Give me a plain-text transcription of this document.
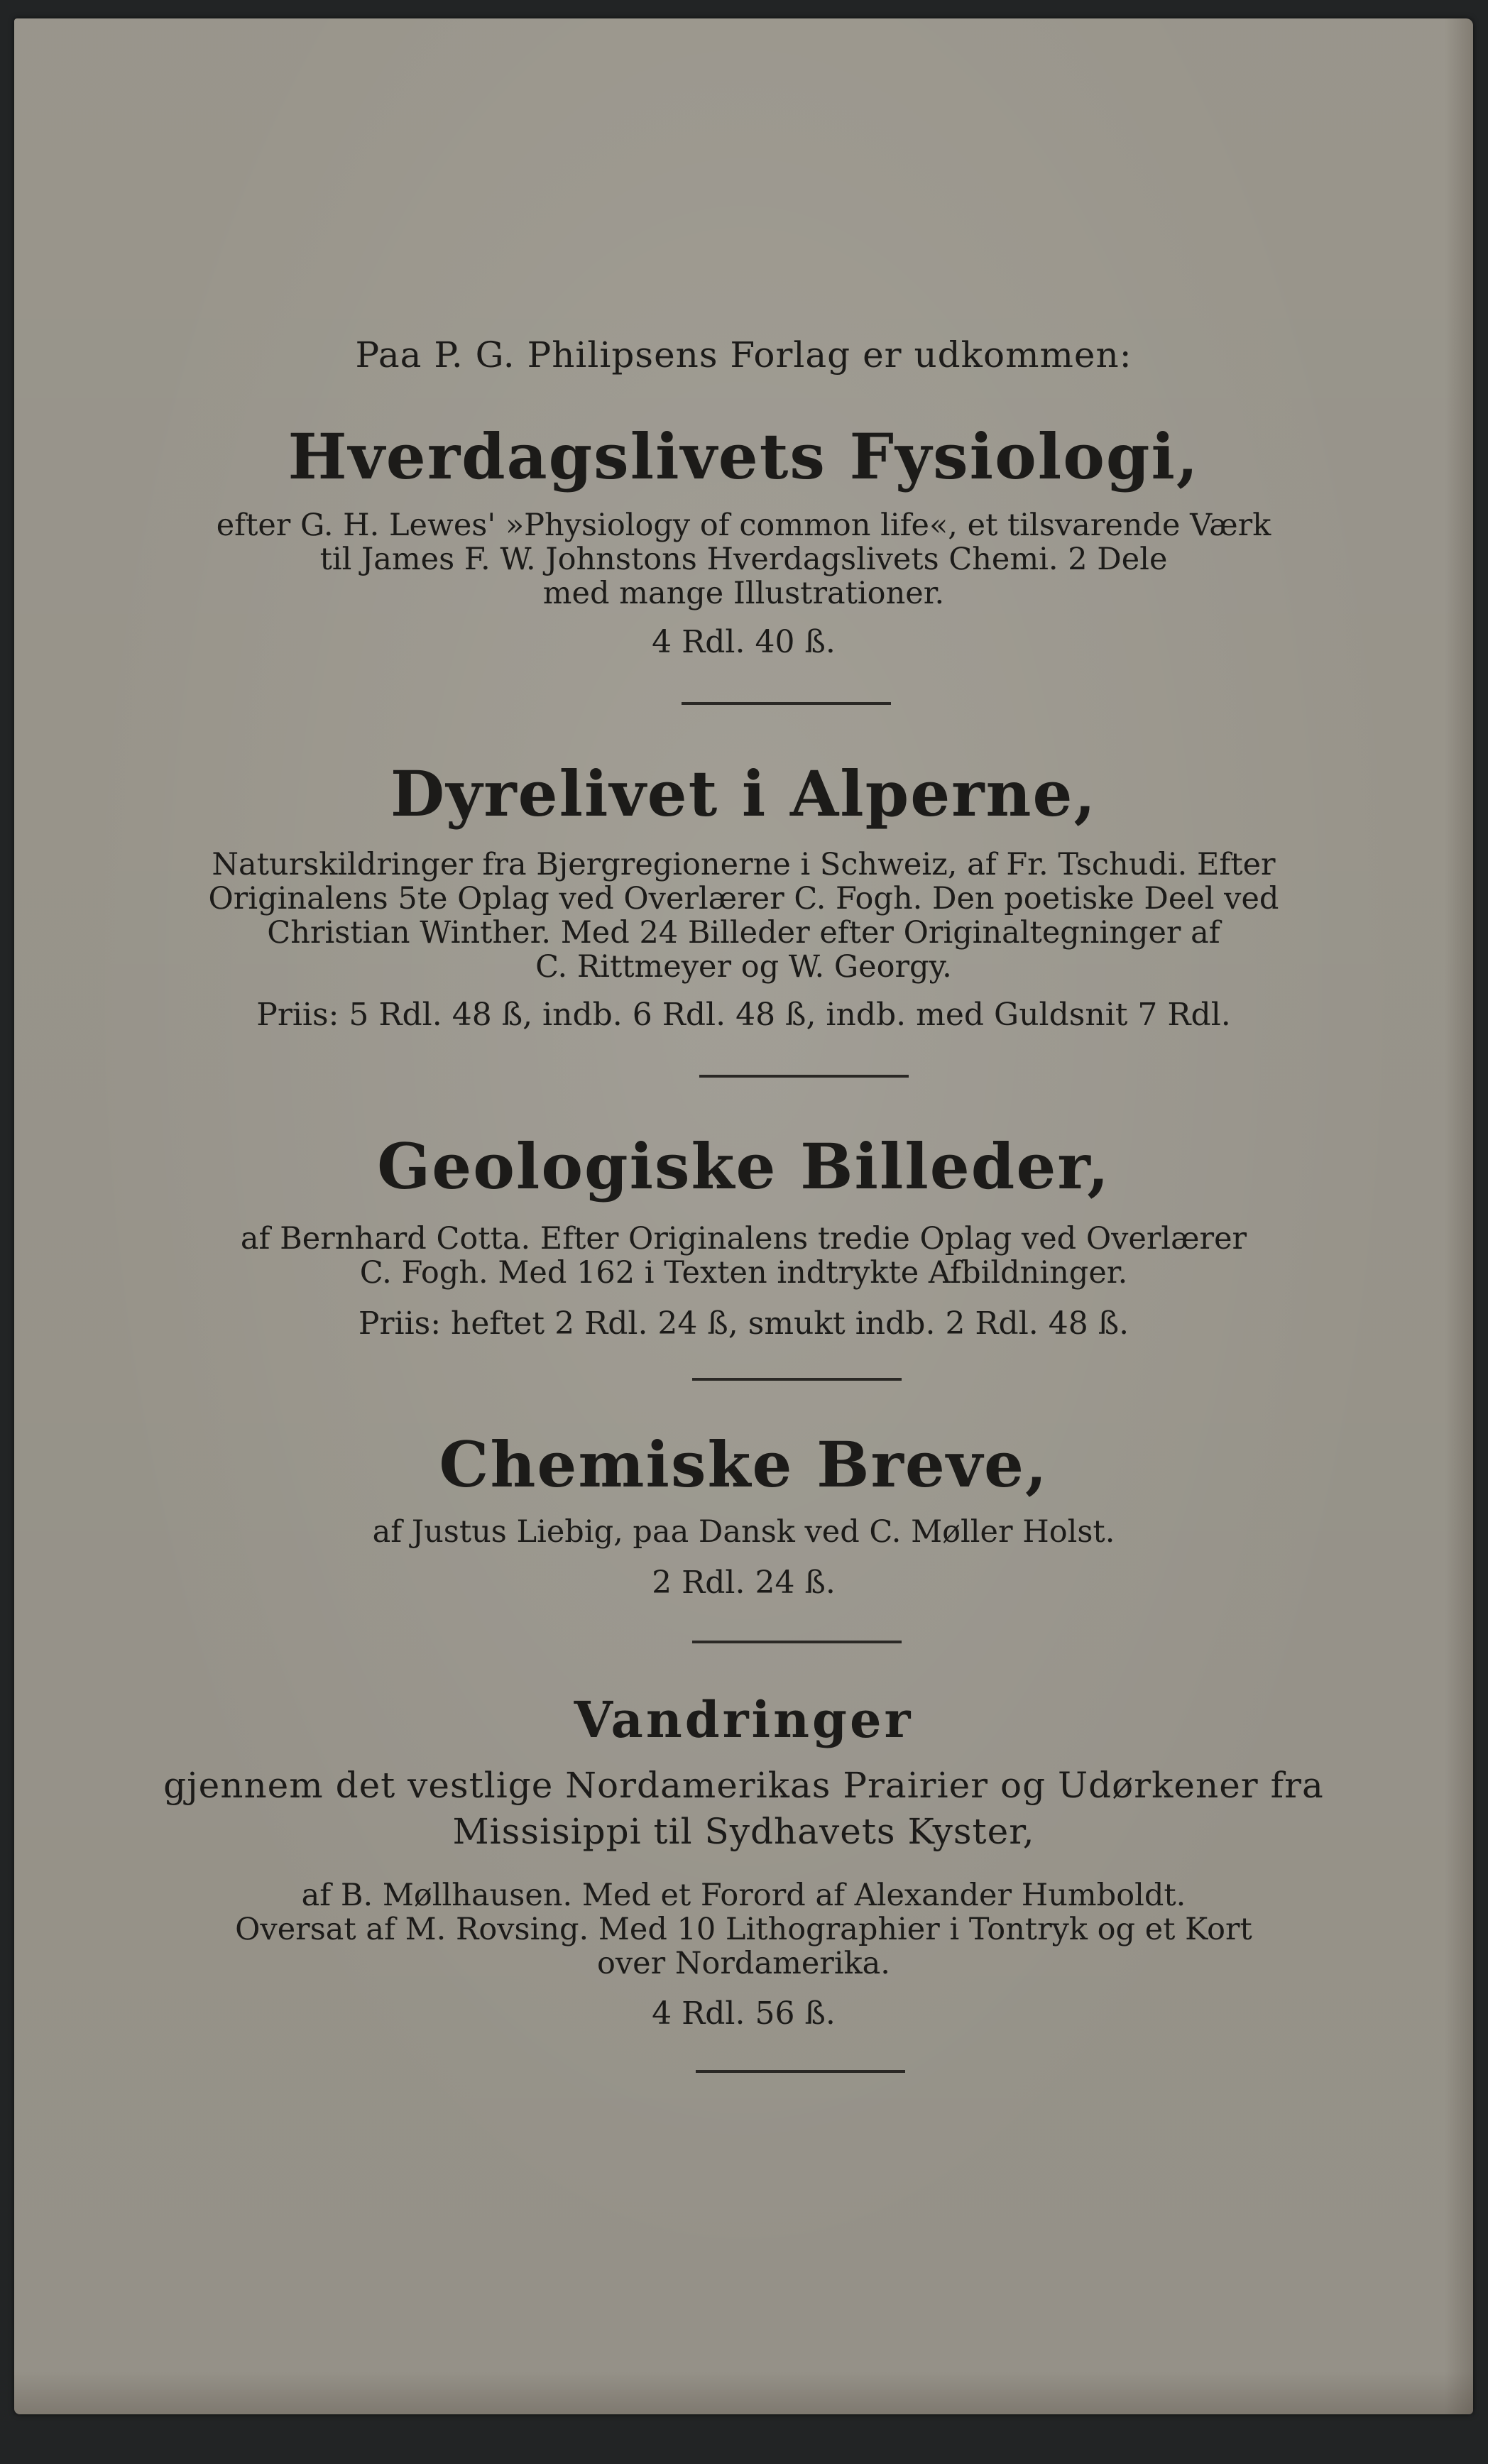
Paa P. G. Philipsens Forlag er udkommen:

Hverdagslivets Fysiologi,

efter G. H. Lewes' »Physiology of common life«, et tilsvarende Værk

til James F. W. Johnstons Hverdagslivets Chemi. 2 Dele

med mange Illustrationer.

4 Rdl. 40 ß.

Dyrelivet i Alperne,

Naturskildringer fra Bjergregionerne i Schweiz, af Fr. Tschudi. Efter

Originalens 5te Oplag ved Overlærer C. Fogh. Den poetiske Deel ved

Christian Winther. Med 24 Billeder efter Originaltegninger af

C. Rittmeyer og W. Georgy.

Priis: 5 Rdl. 48 ß, indb. 6 Rdl. 48 ß, indb. med Guldsnit 7 Rdl.

Geologiske Billeder,

af Bernhard Cotta. Efter Originalens tredie Oplag ved Overlærer

C. Fogh. Med 162 i Texten indtrykte Afbildninger.

Priis: heftet 2 Rdl. 24 ß, smukt indb. 2 Rdl. 48 ß.

Chemiske Breve,

af Justus Liebig, paa Dansk ved C. Møller Holst.

2 Rdl. 24 ß.

Vandringer

gjennem det vestlige Nordamerikas Prairier og Udørkener fra

Missisippi til Sydhavets Kyster,

af B. Møllhausen. Med et Forord af Alexander Humboldt.

Oversat af M. Rovsing. Med 10 Lithographier i Tontryk og et Kort

over Nordamerika.

4 Rdl. 56 ß.
